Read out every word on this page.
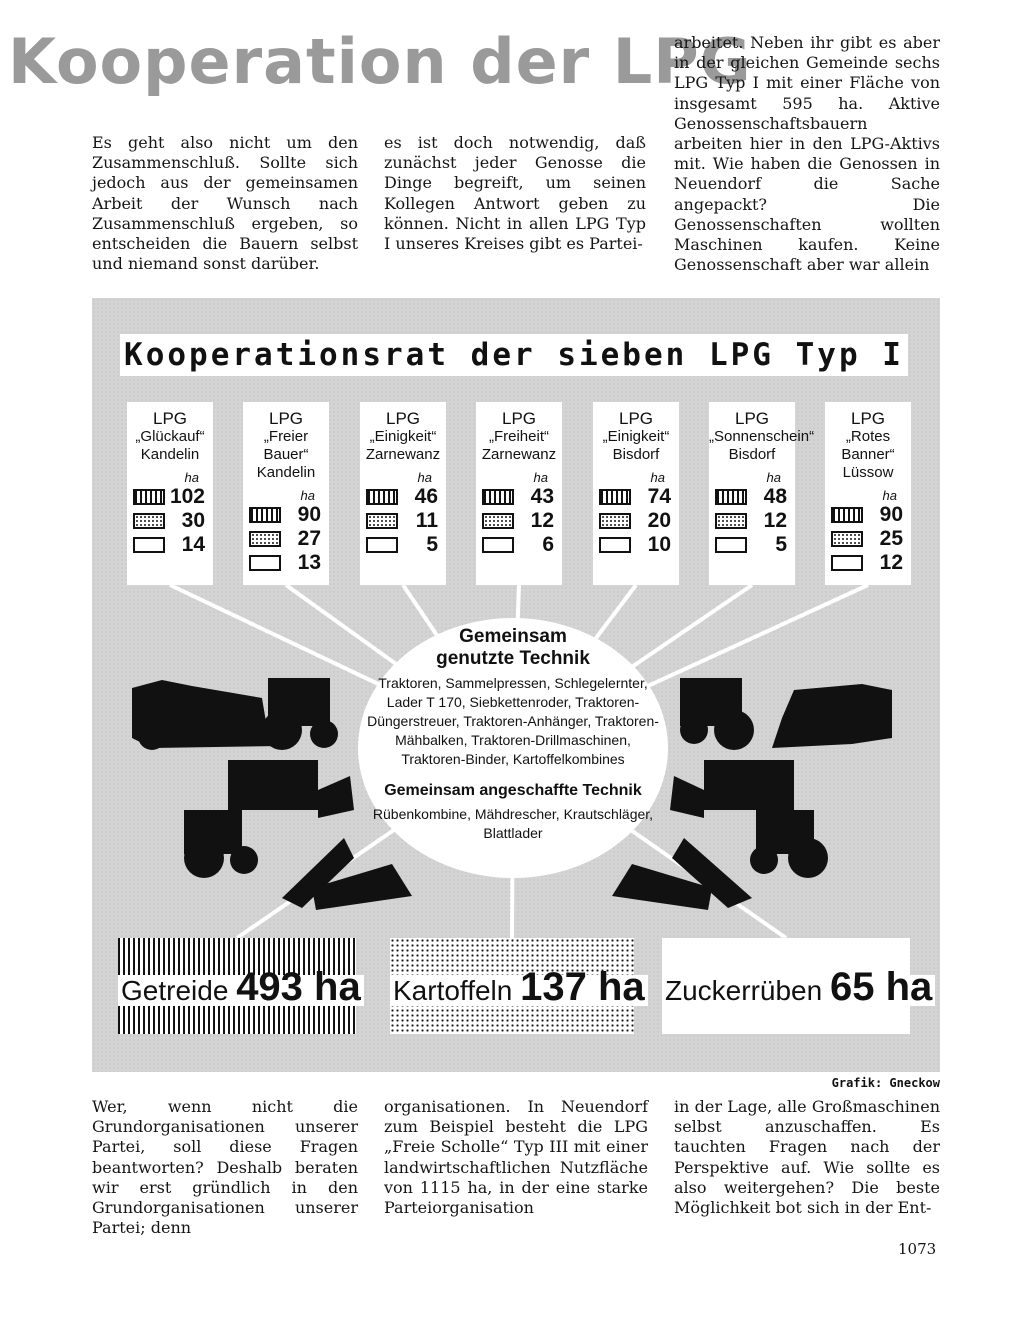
Kooperation der LPG

Es geht also nicht um den Zusammenschluß. Sollte sich jedoch aus der gemeinsamen Arbeit der Wunsch nach Zusammenschluß ergeben, so entscheiden die Bauern selbst und niemand sonst darüber.

es ist doch notwendig, daß zunächst jeder Genosse die Dinge begreift, um seinen Kollegen Antwort geben zu können. Nicht in allen LPG Typ I unseres Kreises gibt es Partei-

arbeitet. Neben ihr gibt es aber in der gleichen Gemeinde sechs LPG Typ I mit einer Fläche von insgesamt 595 ha. Aktive Genossenschaftsbauern arbeiten hier in den LPG-Aktivs mit. Wie haben die Genossen in Neuendorf die Sache angepackt? Die Genossenschaften wollten Maschinen kaufen. Keine Genossenschaft aber war allein

Kooperationsrat der sieben LPG Typ I
LPG
„Glückauf“
Kandelin
ha
102
30
14
LPG
„Freier Bauer“
Kandelin
ha
90
27
13
LPG
„Einigkeit“
Zarnewanz
ha
46
11
5
LPG
„Freiheit“
Zarnewanz
ha
43
12
6
LPG
„Einigkeit“
Bisdorf
ha
74
20
10
LPG
„Sonnenschein“
Bisdorf
ha
48
12
5
LPG
„Rotes Banner“
Lüssow
ha
90
25
12
Gemeinsam
genutzte Technik
Traktoren, Sammelpressen, Schlegelernter, Lader T 170, Siebkettenroder, Traktoren-Düngerstreuer, Traktoren-Anhänger, Traktoren-Mähbalken, Traktoren-Drillmaschinen, Traktoren-Binder, Kartoffelkombines
Gemeinsam angeschaffte Technik
Rübenkombine, Mähdrescher, Krautschläger, Blattlader
Getreide 493 ha Kartoffeln 137 ha Zuckerrüben 65 ha
Grafik: Gneckow

Wer, wenn nicht die Grundorganisationen unserer Partei, soll diese Fragen beantworten? Deshalb beraten wir erst gründlich in den Grundorganisationen unserer Partei; denn

organisationen. In Neuendorf zum Beispiel besteht die LPG „Freie Scholle“ Typ III mit einer landwirtschaftlichen Nutzfläche von 1115 ha, in der eine starke Parteiorganisation

in der Lage, alle Großmaschinen selbst anzuschaffen. Es tauchten Fragen nach der Perspektive auf. Wie sollte es also weitergehen? Die beste Möglichkeit bot sich in der Ent-

1073
